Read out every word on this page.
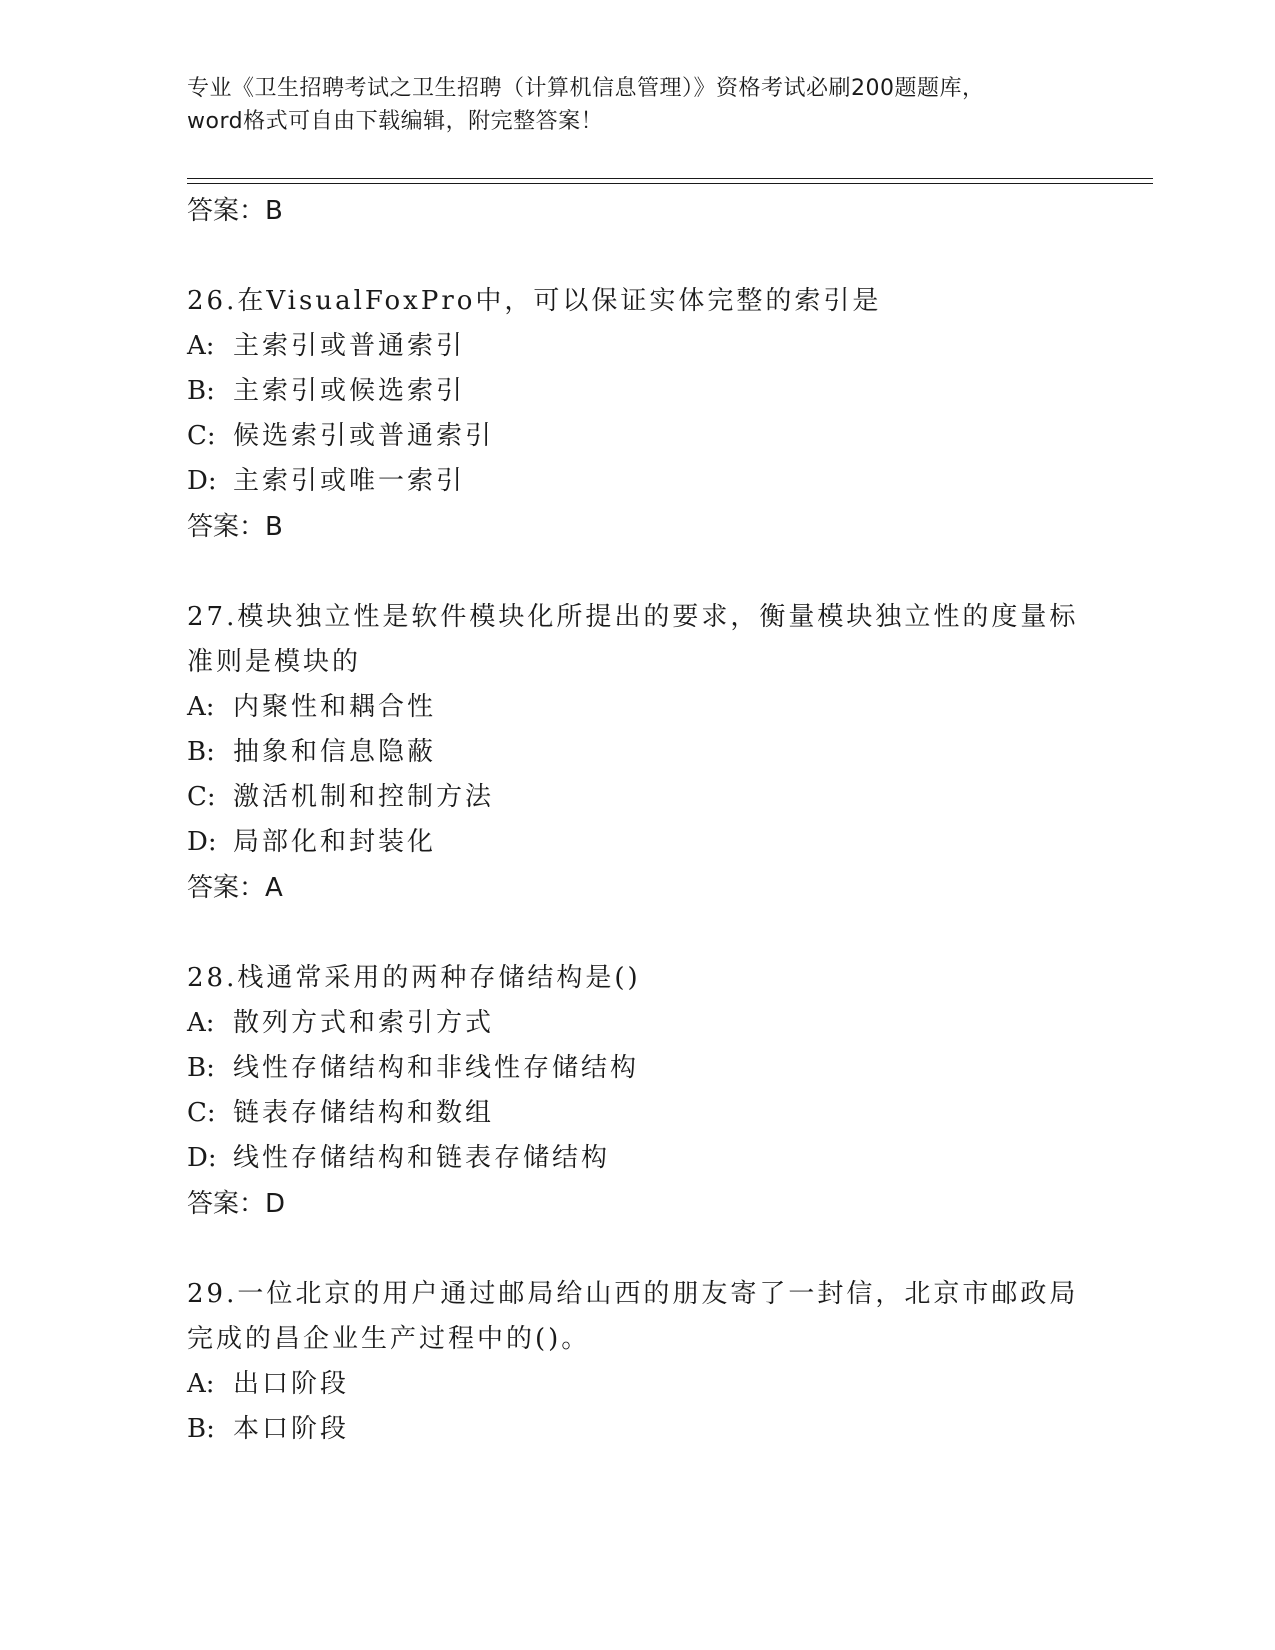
专业《卫生招聘考试之卫生招聘（计算机信息管理）》资格考试必刷200题题库，
word格式可自由下载编辑，附完整答案！
答案：B
26.在VisualFoxPro中，可以保证实体完整的索引是
A: 主索引或普通索引
B: 主索引或候选索引
C: 候选索引或普通索引
D: 主索引或唯一索引
答案：B
27.模块独立性是软件模块化所提出的要求，衡量模块独立性的度量标准则是模块的
A: 内聚性和耦合性
B: 抽象和信息隐蔽
C: 激活机制和控制方法
D: 局部化和封装化
答案：A
28.栈通常采用的两种存储结构是()
A: 散列方式和索引方式
B: 线性存储结构和非线性存储结构
C: 链表存储结构和数组
D: 线性存储结构和链表存储结构
答案：D
29.一位北京的用户通过邮局给山西的朋友寄了一封信，北京市邮政局完成的昌企业生产过程中的()。
A: 出口阶段
B: 本口阶段
